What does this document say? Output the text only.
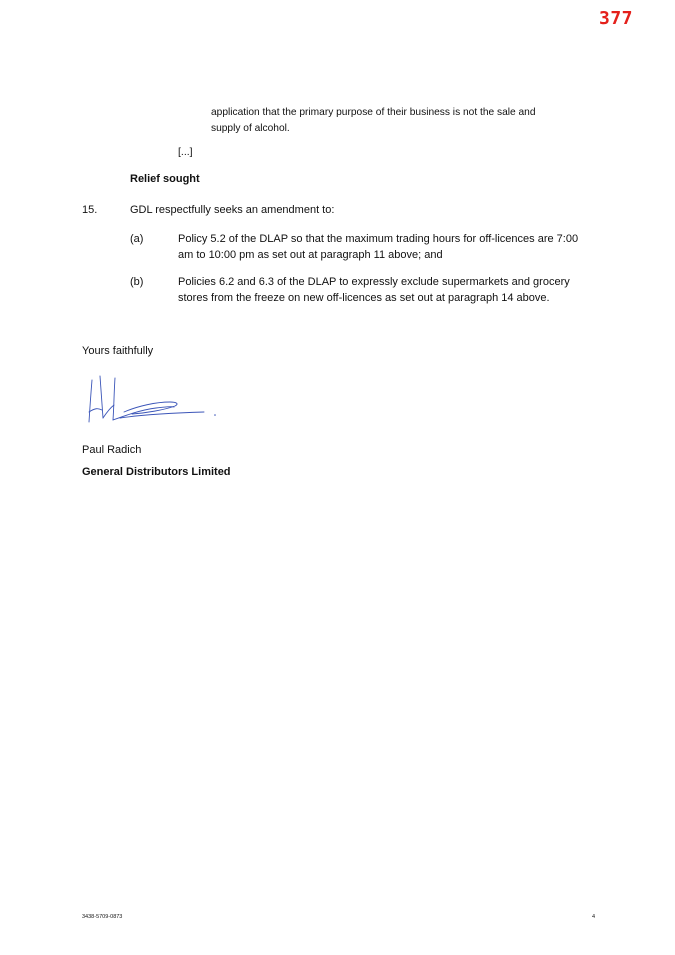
377
application that the primary purpose of their business is not the sale and
supply of alcohol.
[...]
Relief sought
15.	GDL respectfully seeks an amendment to:
(a)	Policy 5.2 of the DLAP so that the maximum trading hours for off-licences are 7:00
am to 10:00 pm as set out at paragraph 11 above; and
(b)	Policies 6.2 and 6.3 of the DLAP to expressly exclude supermarkets and grocery
stores from the freeze on new off-licences as set out at paragraph 14 above.
Yours faithfully
Paul Radich
General Distributors Limited
3438-5709-0873	4
